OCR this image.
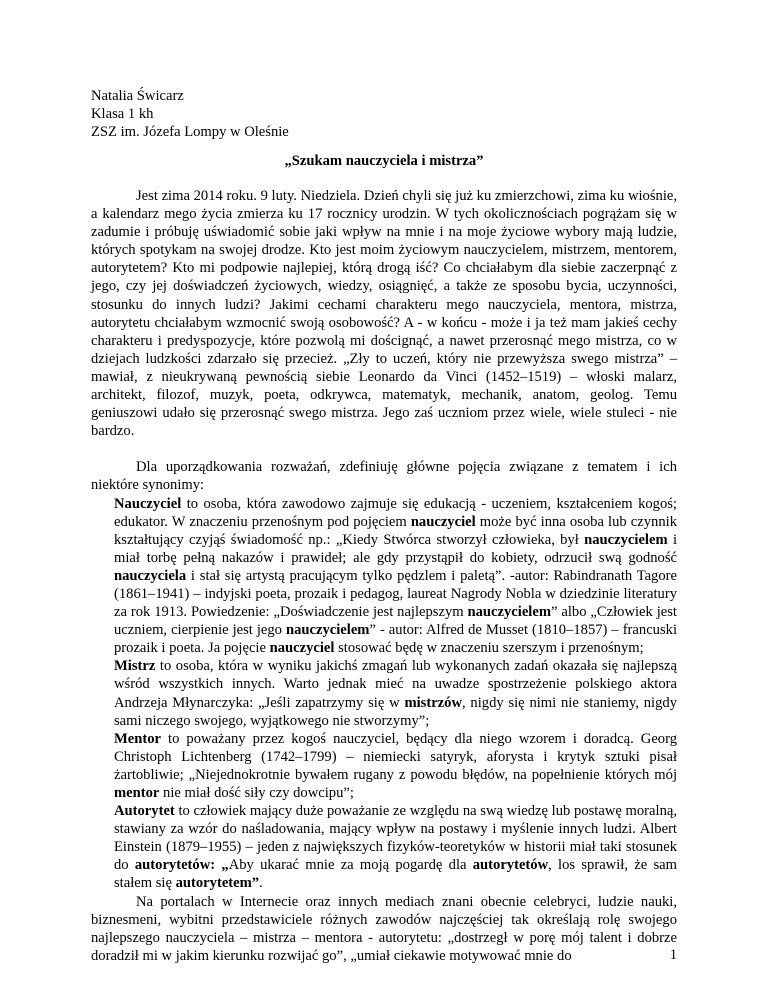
Natalia Świcarz
Klasa 1 kh
ZSZ im. Józefa Lompy w Oleśnie
„Szukam nauczyciela i mistrza”

Jest zima 2014 roku. 9 luty. Niedziela. Dzień chyli się już ku zmierzchowi, zima ku wiośnie, a kalendarz mego życia zmierza ku 17 rocznicy urodzin. W tych okolicznościach pogrążam się w zadumie i próbuję uświadomić sobie jaki wpływ na mnie i na moje życiowe wybory mają ludzie, których spotykam na swojej drodze. Kto jest moim życiowym nauczycielem, mistrzem, mentorem, autorytetem? Kto mi podpowie najlepiej, którą drogą iść? Co chciałabym dla siebie zaczerpnąć z jego, czy jej doświadczeń życiowych, wiedzy, osiągnięć, a także ze sposobu bycia, uczynności, stosunku do innych ludzi? Jakimi cechami charakteru mego nauczyciela, mentora, mistrza, autorytetu chciałabym wzmocnić swoją osobowość? A - w końcu - może i ja też mam jakieś cechy charakteru i predyspozycje, które pozwolą mi doścignąć, a nawet przerosnąć mego mistrza, co w dziejach ludzkości zdarzało się przecież. „Zły to uczeń, który nie przewyższa swego mistrza” – mawiał, z nieukrywaną pewnością siebie Leonardo da Vinci (1452–1519) – włoski malarz, architekt, filozof, muzyk, poeta, odkrywca, matematyk, mechanik, anatom, geolog. Temu geniuszowi udało się przerosnąć swego mistrza. Jego zaś uczniom przez wiele, wiele stuleci - nie bardzo.

Dla uporządkowania rozważań, zdefiniuję główne pojęcia związane z tematem i ich niektóre synonimy:

Nauczyciel to osoba, która zawodowo zajmuje się edukacją - uczeniem, kształceniem kogoś; edukator. W znaczeniu przenośnym pod pojęciem nauczyciel może być inna osoba lub czynnik kształtujący czyjąś świadomość np.: „Kiedy Stwórca stworzył człowieka, był nauczycielem i miał torbę pełną nakazów i prawideł; ale gdy przystąpił do kobiety, odrzucił swą godność nauczyciela i stał się artystą pracującym tylko pędzlem i paletą”. -autor: Rabindranath Tagore (1861–1941) – indyjski poeta, prozaik i pedagog, laureat Nagrody Nobla w dziedzinie literatury za rok 1913. Powiedzenie: „Doświadczenie jest najlepszym nauczycielem” albo „Człowiek jest uczniem, cierpienie jest jego nauczycielem” - autor: Alfred de Musset (1810–1857) – francuski prozaik i poeta. Ja pojęcie nauczyciel stosować będę w znaczeniu szerszym i przenośnym;

Mistrz to osoba, która w wyniku jakichś zmagań lub wykonanych zadań okazała się najlepszą wśród wszystkich innych. Warto jednak mieć na uwadze spostrzeżenie polskiego aktora Andrzeja Młynarczyka: „Jeśli zapatrzymy się w mistrzów, nigdy się nimi nie staniemy, nigdy sami niczego swojego, wyjątkowego nie stworzymy”;

Mentor to poważany przez kogoś nauczyciel, będący dla niego wzorem i doradcą. Georg Christoph Lichtenberg (1742–1799) – niemiecki satyryk, aforysta i krytyk sztuki pisał żartobliwie; „Niejednokrotnie bywałem rugany z powodu błędów, na popełnienie których mój mentor nie miał dość siły czy dowcipu”;

Autorytet to człowiek mający duże poważanie ze względu na swą wiedzę lub postawę moralną, stawiany za wzór do naśladowania, mający wpływ na postawy i myślenie innych ludzi. Albert Einstein (1879–1955) – jeden z największych fizyków-teoretyków w historii miał taki stosunek do autorytetów: „Aby ukarać mnie za moją pogardę dla autorytetów, los sprawił, że sam stałem się autorytetem”.

Na portalach w Internecie oraz innych mediach znani obecnie celebryci, ludzie nauki, biznesmeni, wybitni przedstawiciele różnych zawodów najczęściej tak określają rolę swojego najlepszego nauczyciela – mistrza – mentora - autorytetu: „dostrzegł w porę mój talent i dobrze doradził mi w jakim kierunku rozwijać go”, „umiał ciekawie motywować mnie do	1
